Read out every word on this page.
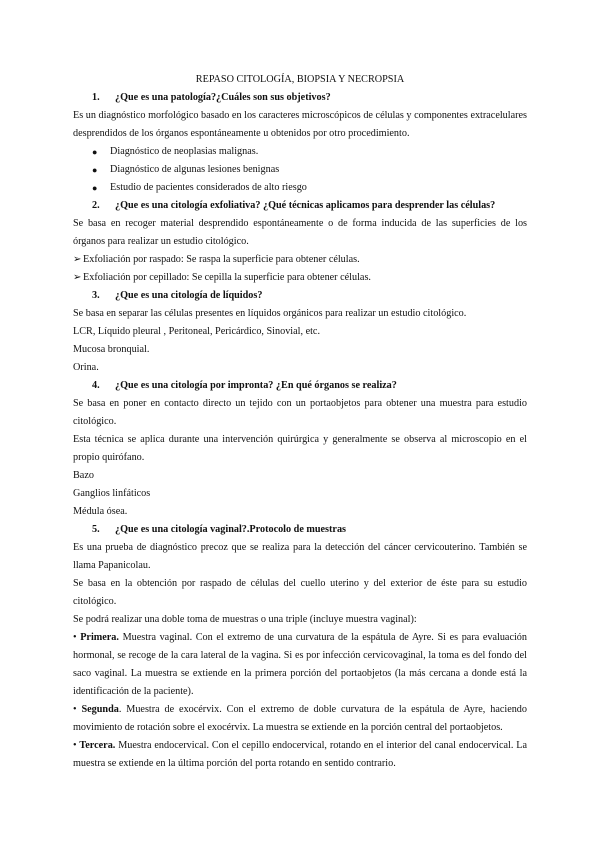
REPASO CITOLOGÍA, BIOPSIA Y NECROPSIA

1. ¿Que es una patología?¿Cuáles son sus objetivos?

Es un diagnóstico morfológico basado en los caracteres microscópicos de células y componentes extracelulares desprendidos de los órganos espontáneamente u obtenidos por otro procedimiento.

● Diagnóstico de neoplasias malignas.
● Diagnóstico de algunas lesiones benignas
● Estudio de pacientes considerados de alto riesgo

2. ¿Que es una citología exfoliativa? ¿Qué técnicas aplicamos para desprender las células?

Se basa en recoger material desprendido espontáneamente o de forma inducida de las superficies de los órganos para realizar un estudio citológico.

➢Exfoliación por raspado: Se raspa la superficie para obtener células.

➢Exfoliación por cepillado: Se cepilla la superficie para obtener células.

3. ¿Que es una citología de líquidos?

Se basa en separar las células presentes en líquidos orgánicos para realizar un estudio citológico.

LCR, Líquido pleural , Peritoneal, Pericárdico, Sinovial, etc.

Mucosa bronquial.

Orina.

4. ¿Que es una citología por impronta? ¿En qué órganos se realiza?

Se basa en poner en contacto directo un tejido con un portaobjetos para obtener una muestra para estudio citológico.

Esta técnica se aplica durante una intervención quirúrgica y generalmente se observa al microscopio en el propio quirófano.

Bazo

Ganglios linfáticos

Médula ósea.

5. ¿Que es una citología vaginal?.Protocolo de muestras

Es una prueba de diagnóstico precoz que se realiza para la detección del cáncer cervicouterino. También se llama Papanicolau.

Se basa en la obtención por raspado de células del cuello uterino y del exterior de éste para su estudio citológico.

Se podrá realizar una doble toma de muestras o una triple (incluye muestra vaginal):

• Primera. Muestra vaginal. Con el extremo de una curvatura de la espátula de Ayre. Si es para evaluación hormonal, se recoge de la cara lateral de la vagina. Si es por infección cervicovaginal, la toma es del fondo del saco vaginal. La muestra se extiende en la primera porción del portaobjetos (la más cercana a donde está la identificación de la paciente).

• Segunda. Muestra de exocérvix. Con el extremo de doble curvatura de la espátula de Ayre, haciendo movimiento de rotación sobre el exocérvix. La muestra se extiende en la porción central del portaobjetos.

• Tercera. Muestra endocervical. Con el cepillo endocervical, rotando en el interior del canal endocervical. La muestra se extiende en la última porción del porta rotando en sentido contrario.
